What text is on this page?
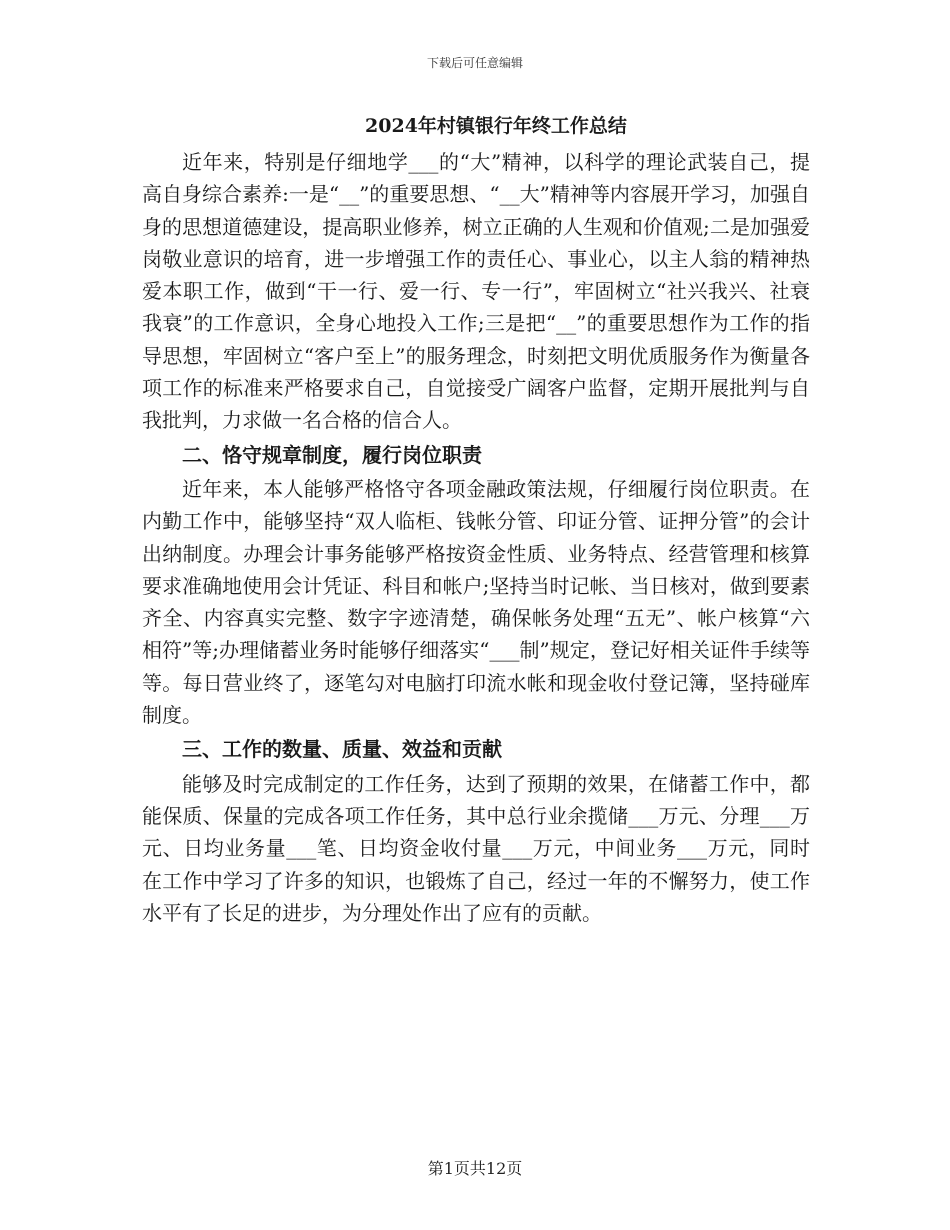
下载后可任意编辑
2024年村镇银行年终工作总结

近年来，特别是仔细地学___的“大”精神，以科学的理论武装自己，提高自身综合素养:一是“__”的重要思想、“__大”精神等内容展开学习，加强自身的思想道德建设，提高职业修养，树立正确的人生观和价值观;二是加强爱岗敬业意识的培育，进一步增强工作的责任心、事业心，以主人翁的精神热爱本职工作，做到“干一行、爱一行、专一行”，牢固树立“社兴我兴、社衰我衰”的工作意识，全身心地投入工作;三是把“__”的重要思想作为工作的指导思想，牢固树立“客户至上”的服务理念，时刻把文明优质服务作为衡量各项工作的标准来严格要求自己，自觉接受广阔客户监督，定期开展批判与自我批判，力求做一名合格的信合人。

二、恪守规章制度，履行岗位职责

近年来，本人能够严格恪守各项金融政策法规，仔细履行岗位职责。在内勤工作中，能够坚持“双人临柜、钱帐分管、印证分管、证押分管”的会计出纳制度。办理会计事务能够严格按资金性质、业务特点、经营管理和核算要求准确地使用会计凭证、科目和帐户;坚持当时记帐、当日核对，做到要素齐全、内容真实完整、数字字迹清楚，确保帐务处理“五无”、帐户核算“六相符”等;办理储蓄业务时能够仔细落实“___制”规定，登记好相关证件手续等等。每日营业终了，逐笔勾对电脑打印流水帐和现金收付登记簿，坚持碰库制度。

三、工作的数量、质量、效益和贡献

能够及时完成制定的工作任务，达到了预期的效果，在储蓄工作中，都能保质、保量的完成各项工作任务，其中总行业余揽储___万元、分理___万元、日均业务量___笔、日均资金收付量___万元，中间业务___万元，同时在工作中学习了许多的知识，也锻炼了自己，经过一年的不懈努力，使工作水平有了长足的进步，为分理处作出了应有的贡献。

第1页共12页
